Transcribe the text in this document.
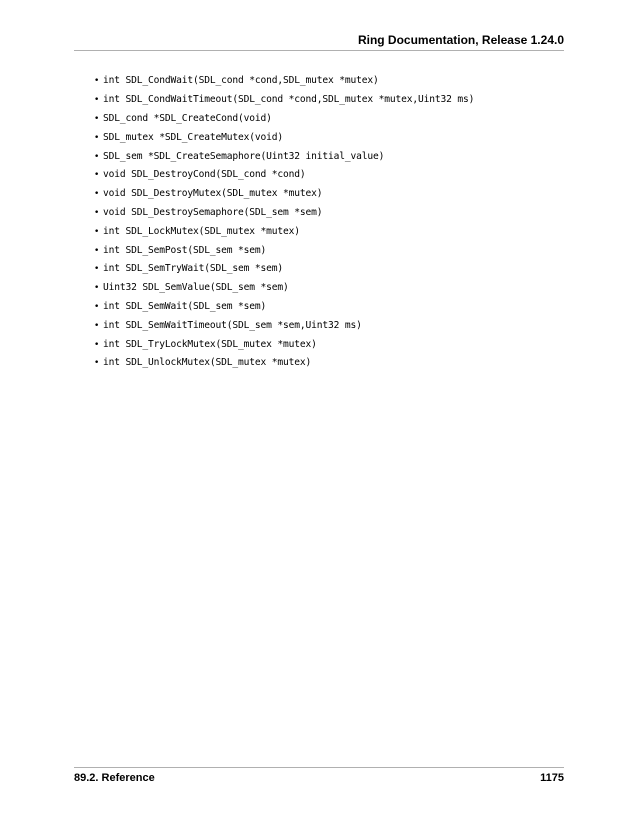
Ring Documentation, Release 1.24.0
• int SDL_CondWait(SDL_cond *cond,SDL_mutex *mutex)
• int SDL_CondWaitTimeout(SDL_cond *cond,SDL_mutex *mutex,Uint32 ms)
• SDL_cond *SDL_CreateCond(void)
• SDL_mutex *SDL_CreateMutex(void)
• SDL_sem *SDL_CreateSemaphore(Uint32 initial_value)
• void SDL_DestroyCond(SDL_cond *cond)
• void SDL_DestroyMutex(SDL_mutex *mutex)
• void SDL_DestroySemaphore(SDL_sem *sem)
• int SDL_LockMutex(SDL_mutex *mutex)
• int SDL_SemPost(SDL_sem *sem)
• int SDL_SemTryWait(SDL_sem *sem)
• Uint32 SDL_SemValue(SDL_sem *sem)
• int SDL_SemWait(SDL_sem *sem)
• int SDL_SemWaitTimeout(SDL_sem *sem,Uint32 ms)
• int SDL_TryLockMutex(SDL_mutex *mutex)
• int SDL_UnlockMutex(SDL_mutex *mutex)
89.2. Reference	1175
